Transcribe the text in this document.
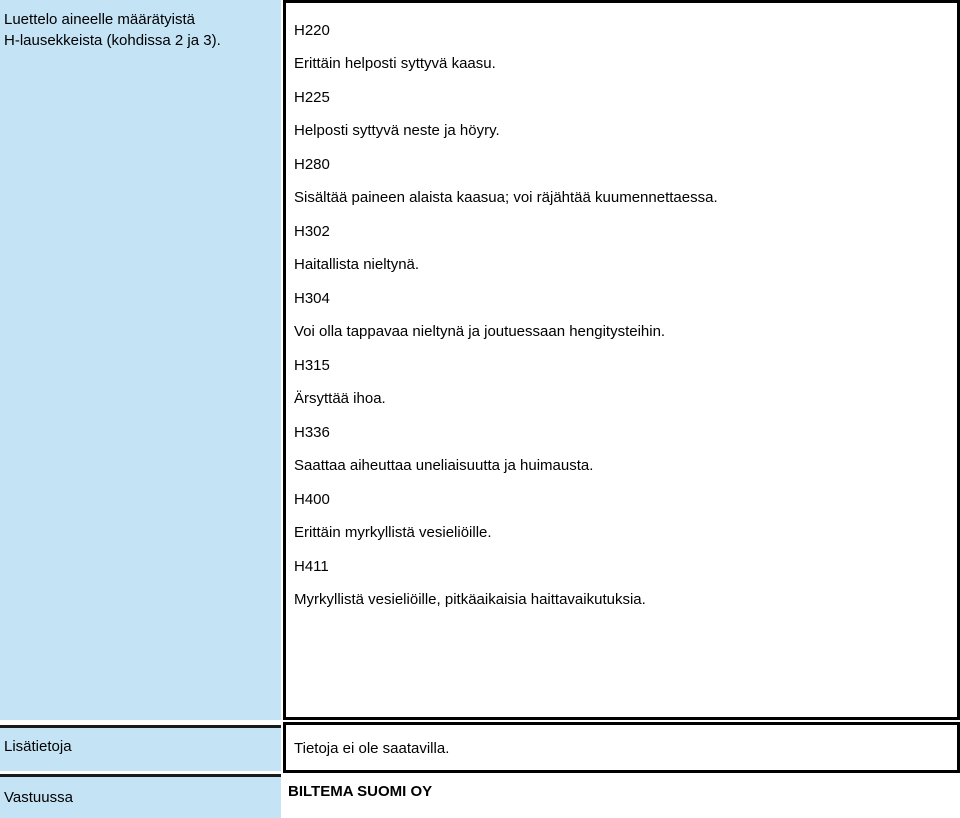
Luettelo aineelle määrätyistä
H-lausekkeista (kohdissa 2 ja 3).
H220
Erittäin helposti syttyvä kaasu.
H225
Helposti syttyvä neste ja höyry.
H280
Sisältää paineen alaista kaasua; voi räjähtää kuumennettaessa.
H302
Haitallista nieltynä.
H304
Voi olla tappavaa nieltynä ja joutuessaan hengitysteihin.
H315
Ärsyttää ihoa.
H336
Saattaa aiheuttaa uneliaisuutta ja huimausta.
H400
Erittäin myrkyllistä vesieliöille.
H411
Myrkyllistä vesieliöille, pitkäaikaisia haittavaikutuksia.
Lisätietoja	Tietoja ei ole saatavilla.
Vastuussa	BILTEMA SUOMI OY
